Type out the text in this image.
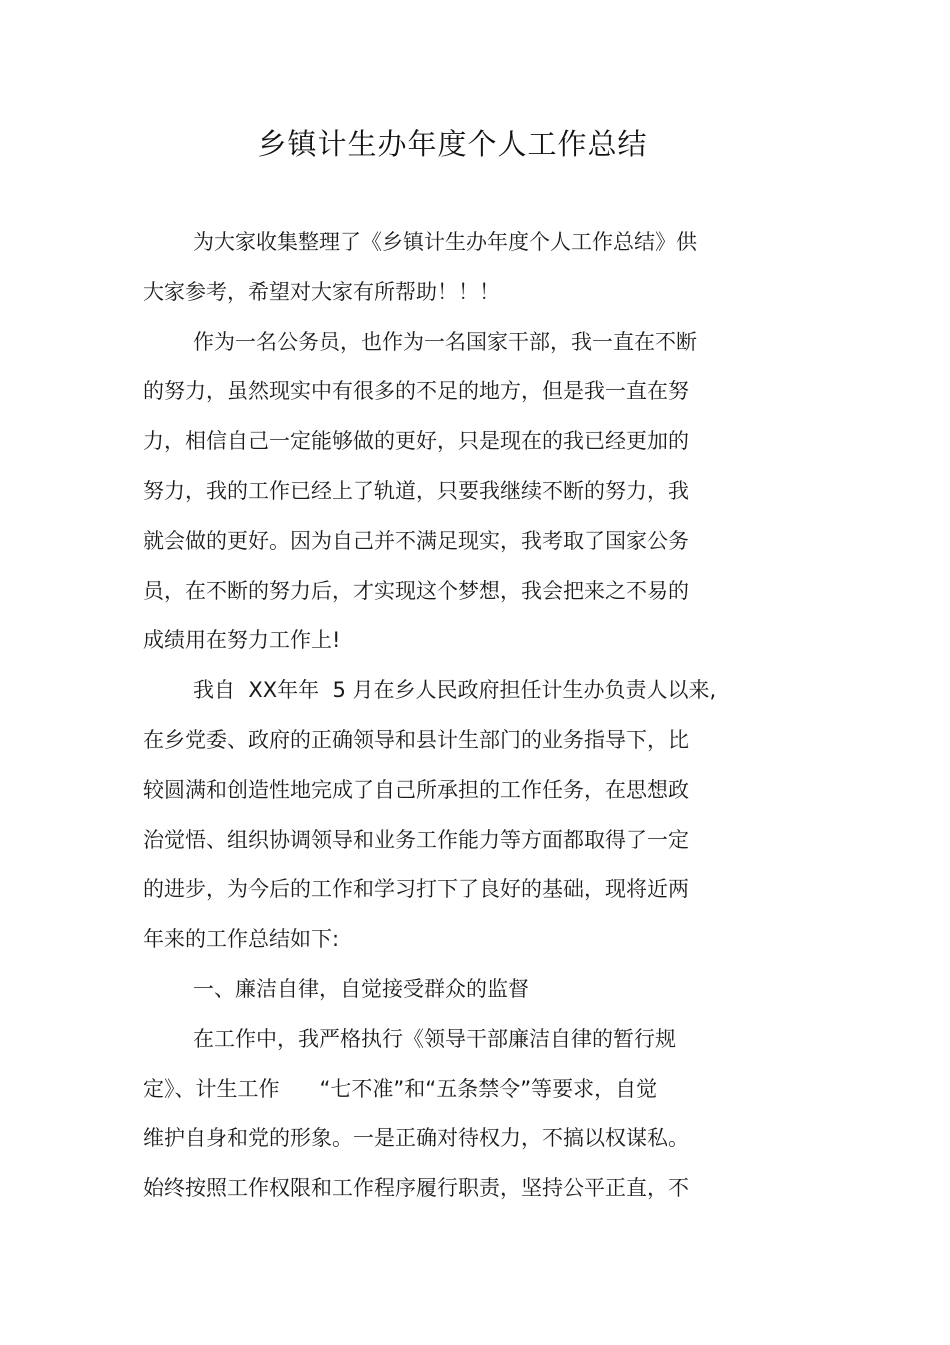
乡镇计生办年度个人工作总结
为大家收集整理了《乡镇计生办年度个人工作总结》供
大家参考，希望对大家有所帮助！！！
作为一名公务员，也作为一名国家干部，我一直在不断
的努力，虽然现实中有很多的不足的地方，但是我一直在努
力，相信自己一定能够做的更好，只是现在的我已经更加的
努力，我的工作已经上了轨道，只要我继续不断的努力，我
就会做的更好。因为自己并不满足现实，我考取了国家公务
员，在不断的努力后，才实现这个梦想，我会把来之不易的
成绩用在努力工作上!
我自  XX年年  5 月在乡人民政府担任计生办负责人以来,
在乡党委、政府的正确领导和县计生部门的业务指导下，比
较圆满和创造性地完成了自己所承担的工作任务，在思想政
治觉悟、组织协调领导和业务工作能力等方面都取得了一定
的进步，为今后的工作和学习打下了良好的基础，现将近两
年来的工作总结如下:
一、廉洁自律，自觉接受群众的监督
在工作中，我严格执行《领导干部廉洁自律的暂行规
定》、计生工作      “七不准”和“五条禁令”等要求，自觉
维护自身和党的形象。一是正确对待权力，不搞以权谋私。
始终按照工作权限和工作程序履行职责，坚持公平正直，不
